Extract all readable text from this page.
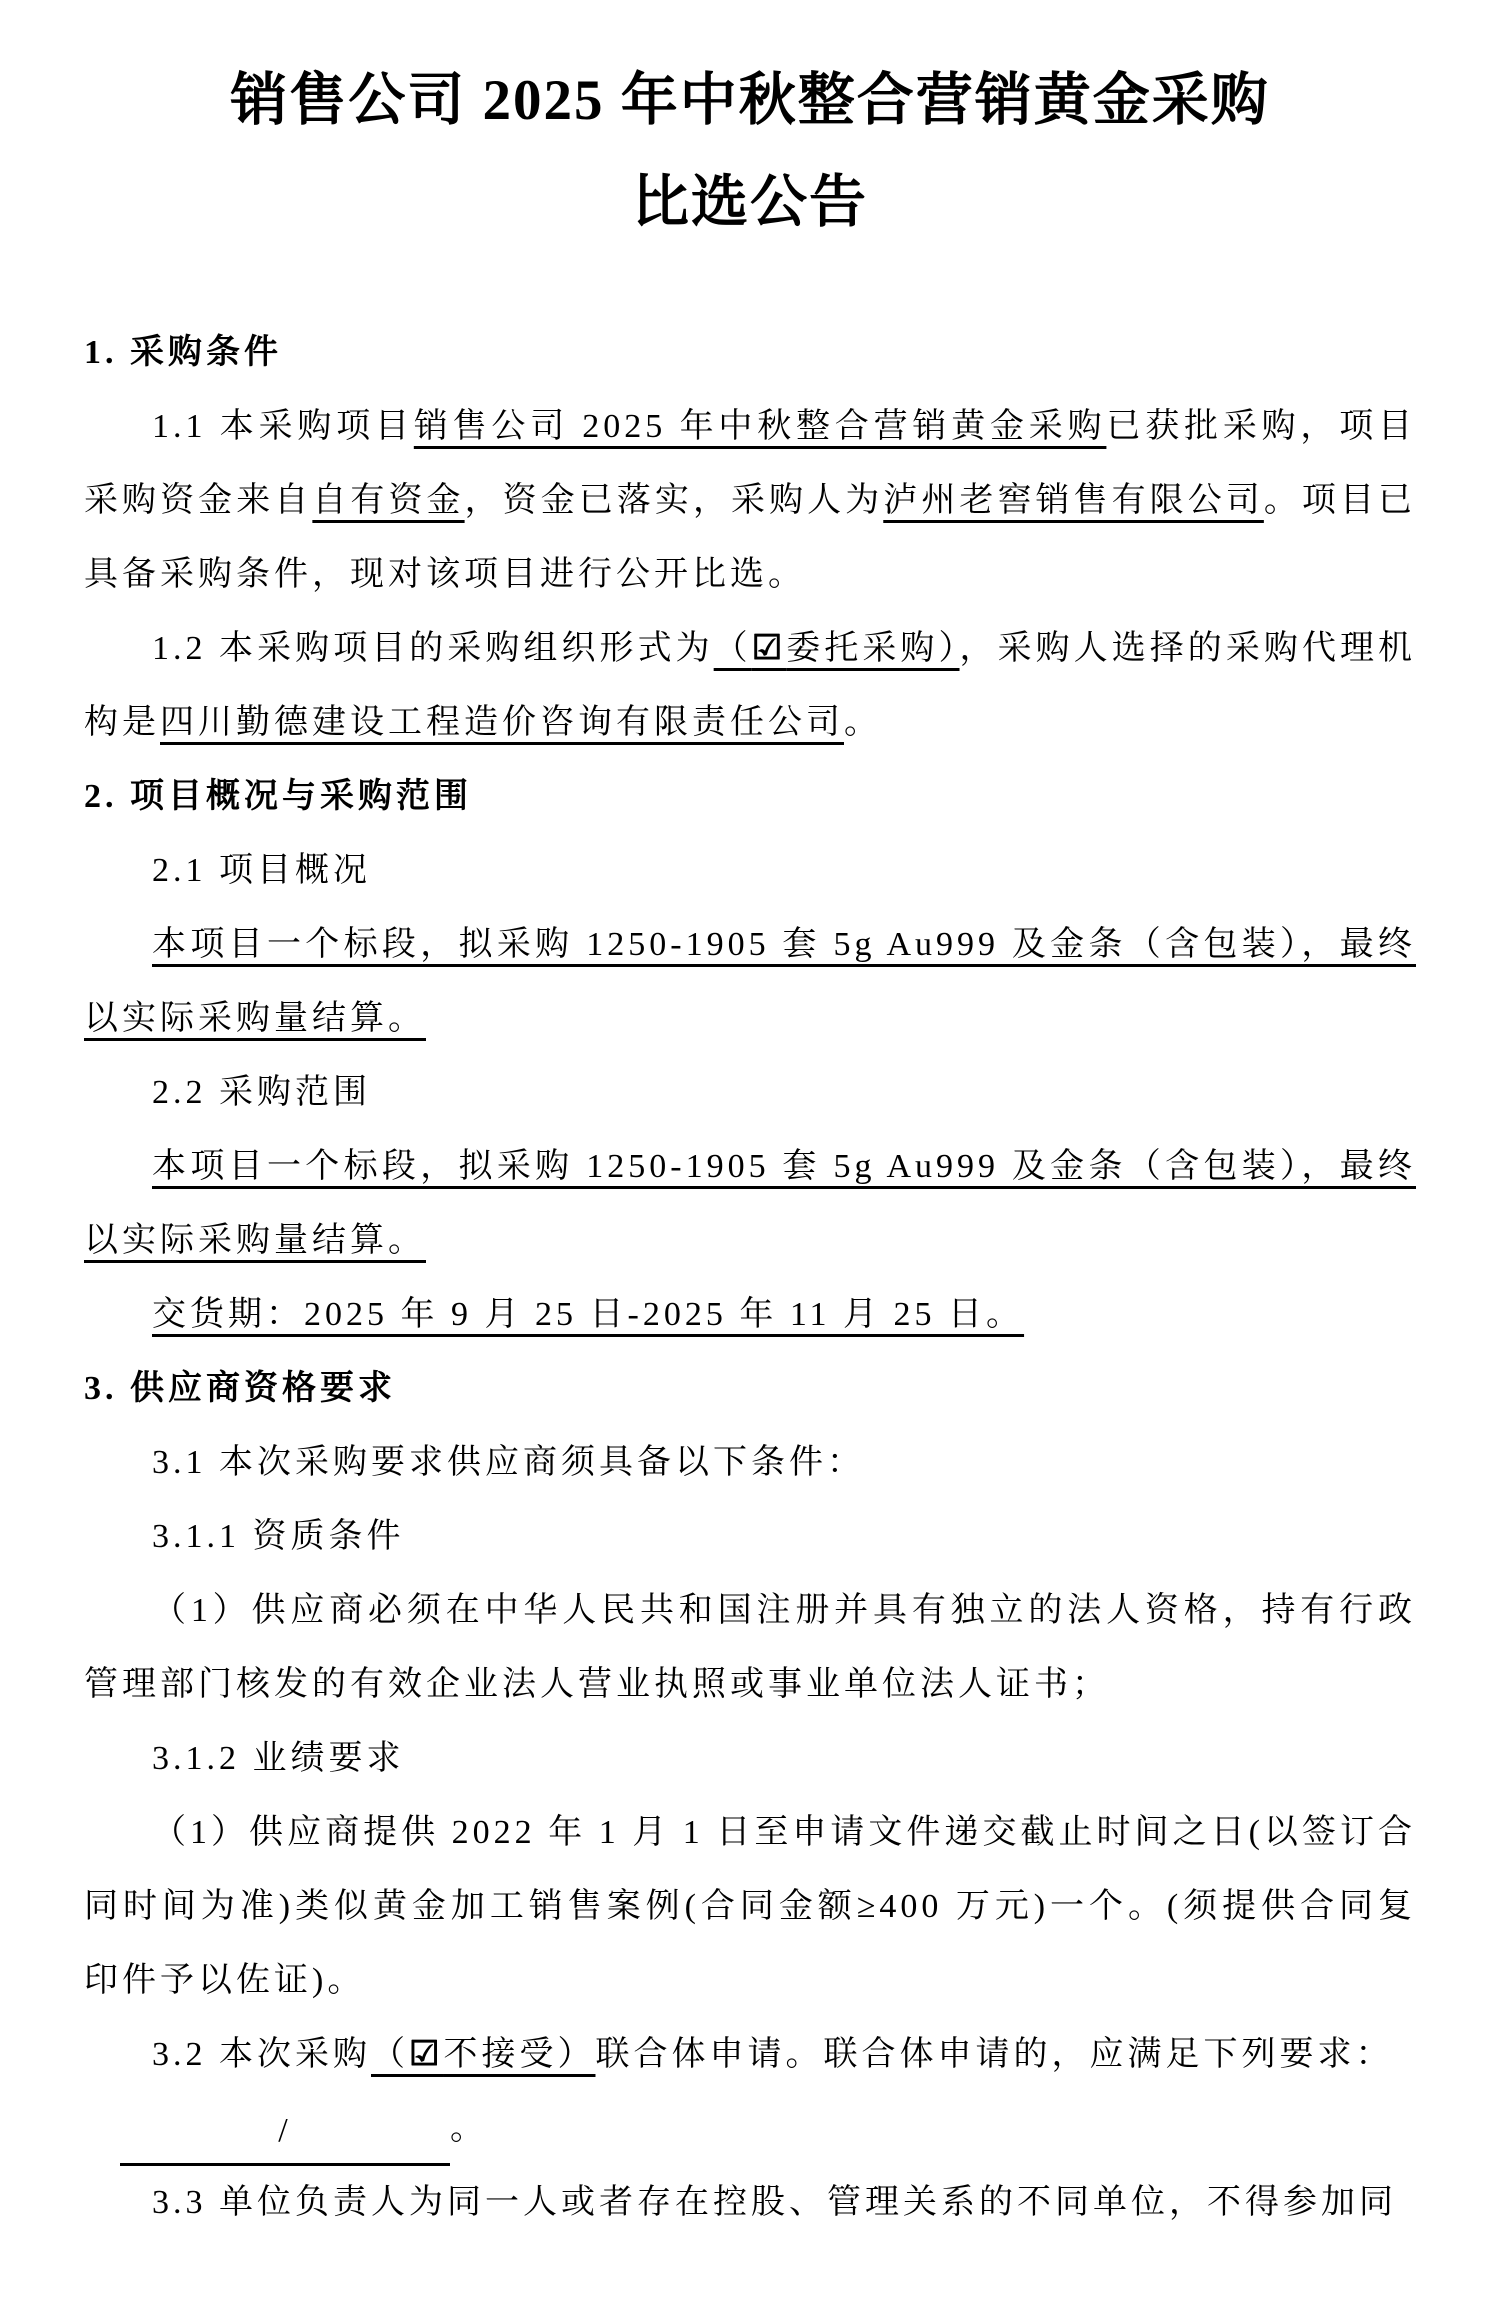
销售公司 2025 年中秋整合营销黄金采购
比选公告

1. 采购条件

1.1 本采购项目销售公司 2025 年中秋整合营销黄金采购已获批采购，项目采购资金来自自有资金，资金已落实，采购人为泸州老窖销售有限公司。项目已具备采购条件，现对该项目进行公开比选。

1.2 本采购项目的采购组织形式为（☑委托采购），采购人选择的采购代理机构是四川勤德建设工程造价咨询有限责任公司。

2. 项目概况与采购范围

2.1 项目概况

本项目一个标段，拟采购 1250-1905 套 5g Au999 及金条（含包装），最终以实际采购量结算。

2.2 采购范围

本项目一个标段，拟采购 1250-1905 套 5g Au999 及金条（含包装），最终以实际采购量结算。

交货期：2025 年 9 月 25 日-2025 年 11 月 25 日。

3. 供应商资格要求

3.1 本次采购要求供应商须具备以下条件：

3.1.1 资质条件

（1）供应商必须在中华人民共和国注册并具有独立的法人资格，持有行政管理部门核发的有效企业法人营业执照或事业单位法人证书；

3.1.2 业绩要求

（1）供应商提供 2022 年 1 月 1 日至申请文件递交截止时间之日(以签订合同时间为准)类似黄金加工销售案例(合同金额≥400 万元)一个。(须提供合同复印件予以佐证)。

3.2 本次采购（☑不接受）联合体申请。联合体申请的，应满足下列要求：

/	。

3.3 单位负责人为同一人或者存在控股、管理关系的不同单位，不得参加同
